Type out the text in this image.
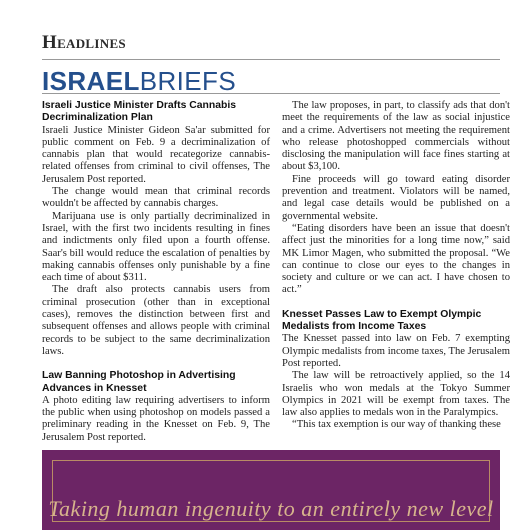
Headlines
ISRAELBRIEFS
Israeli Justice Minister Drafts Cannabis Decriminalization Plan

Israeli Justice Minister Gideon Sa'ar submitted for public comment on Feb. 9 a decriminalization of cannabis plan that would recategorize cannabis-related offenses from criminal to civil offenses, The Jerusalem Post reported.

The change would mean that criminal records wouldn't be affected by cannabis charges.

Marijuana use is only partially decriminalized in Israel, with the first two incidents resulting in fines and indictments only filed upon a fourth offense. Saar's bill would reduce the escalation of penalties by making cannabis offenses only punishable by a fine each time of about $311.

The draft also protects cannabis users from criminal prosecution (other than in exceptional cases), removes the distinction between first and subsequent offenses and allows people with criminal records to be subject to the same decriminalization laws.

Law Banning Photoshop in Advertising Advances in Knesset

A photo editing law requiring advertisers to inform the public when using photoshop on models passed a preliminary reading in the Knesset on Feb. 9, The Jerusalem Post reported.

The law proposes, in part, to classify ads that don't meet the requirements of the law as social injustice and a crime. Advertisers not meeting the requirement who release photoshopped commercials without disclosing the manipulation will face fines starting at about $3,100.

Fine proceeds will go toward eating disorder prevention and treatment. Violators will be named, and legal case details would be published on a governmental website.

“Eating disorders have been an issue that doesn't affect just the minorities for a long time now,” said MK Limor Magen, who submitted the proposal. “We can continue to close our eyes to the changes in society and culture or we can act. I have chosen to act.”

Knesset Passes Law to Exempt Olympic Medalists from Income Taxes

The Knesset passed into law on Feb. 7 exempting Olympic medalists from income taxes, The Jerusalem Post reported.

The law will be retroactively applied, so the 14 Israelis who won medals at the Tokyo Summer Olympics in 2021 will be exempt from taxes. The law also applies to medals won in the Paralympics.

“This tax exemption is our way of thanking these

Taking human ingenuity to an entirely new level
